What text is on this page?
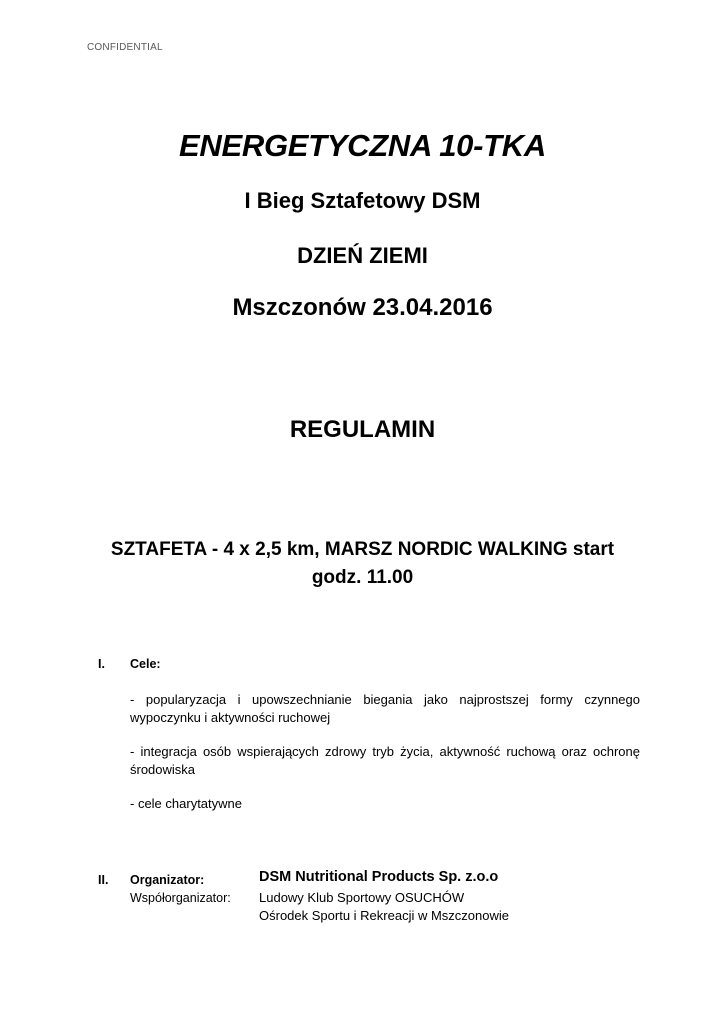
CONFIDENTIAL
ENERGETYCZNA 10-TKA
I Bieg Sztafetowy DSM
DZIEŃ ZIEMI
Mszczonów 23.04.2016
REGULAMIN
SZTAFETA - 4 x 2,5 km, MARSZ NORDIC WALKING start
godz. 11.00
I. Cele:
- popularyzacja i upowszechnianie biegania jako najprostszej formy czynnego
wypoczynku i aktywności ruchowej
- integracja osób wspierających zdrowy tryb życia, aktywność ruchową oraz ochronę
środowiska
- cele charytatywne
II. Organizator:	DSM Nutritional Products Sp. z.o.o
Współorganizator: Ludowy Klub Sportowy OSUCHÓW
Ośrodek Sportu i Rekreacji w Mszczonowie
